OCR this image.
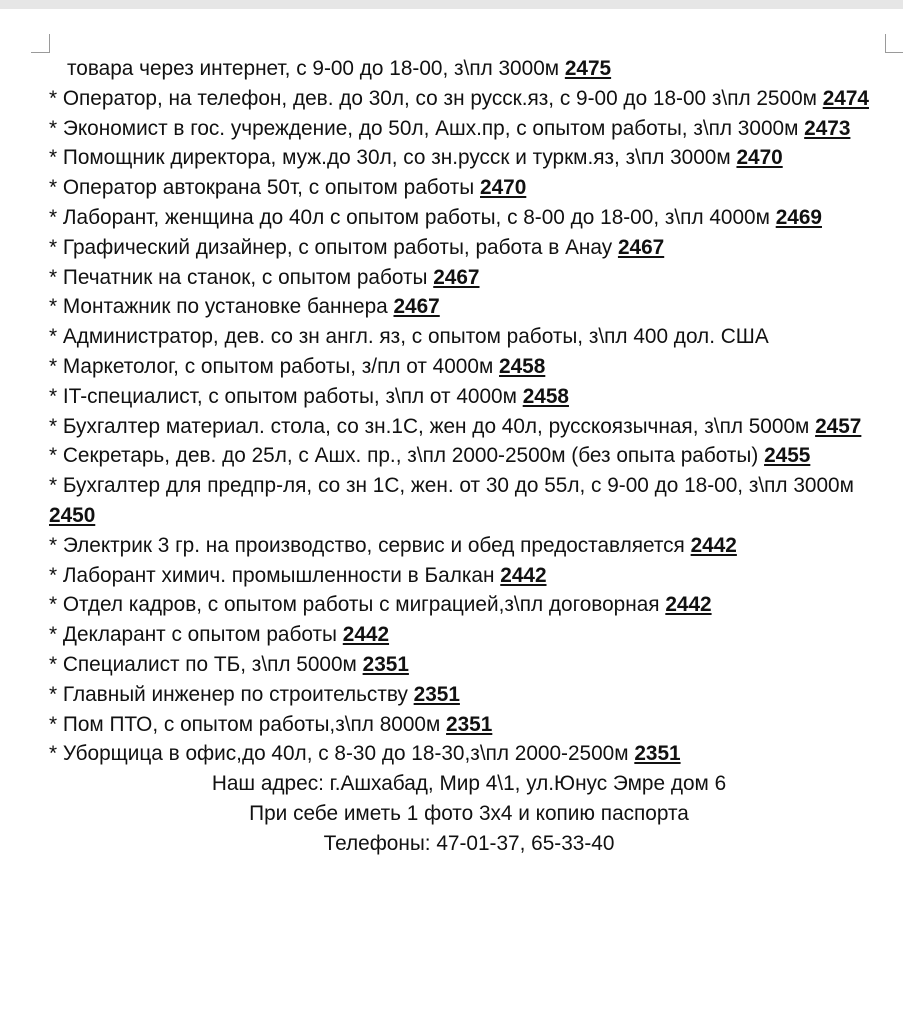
товара через интернет, с 9-00 до 18-00, з\пл 3000м 2475

* Оператор, на телефон, дев. до 30л, со зн русск.яз, с 9-00 до 18-00 з\пл 2500м 2474

* Экономист в гос. учреждение, до 50л, Ашх.пр, с опытом работы, з\пл 3000м 2473

* Помощник директора, муж.до 30л, со зн.русск и туркм.яз, з\пл 3000м 2470

* Оператор автокрана 50т, с опытом работы 2470

* Лаборант, женщина до 40л с опытом работы, с 8-00 до 18-00, з\пл 4000м 2469

* Графический дизайнер, с опытом работы, работа в Анау 2467

* Печатник на станок, с опытом работы 2467

* Монтажник по установке баннера 2467

* Администратор, дев. со зн англ. яз, с опытом работы, з\пл 400 дол. США

* Маркетолог, с опытом работы, з/пл от 4000м 2458

* IT-специалист, с опытом работы, з\пл от 4000м 2458

* Бухгалтер материал. стола, со зн.1С, жен до 40л, русскоязычная, з\пл 5000м 2457

* Секретарь, дев. до 25л, с Ашх. пр., з\пл 2000-2500м (без опыта работы) 2455

* Бухгалтер для предпр-ля, со зн 1С, жен. от 30 до 55л, с 9-00 до 18-00, з\пл 3000м 2450

* Электрик 3 гр. на производство, сервис и обед предоставляется 2442

* Лаборант химич. промышленности в Балкан 2442

* Отдел кадров, с опытом работы с миграцией,з\пл договорная 2442

* Декларант с опытом работы 2442

* Специалист по ТБ, з\пл 5000м 2351

* Главный инженер по строительству 2351

* Пом ПТО, с опытом работы,з\пл 8000м 2351

* Уборщица в офис,до 40л, с 8-30 до 18-30,з\пл 2000-2500м 2351

Наш адрес: г.Ашхабад, Мир 4\1, ул.Юнус Эмре дом 6

При себе иметь 1 фото 3х4 и копию паспорта

Телефоны: 47-01-37, 65-33-40
